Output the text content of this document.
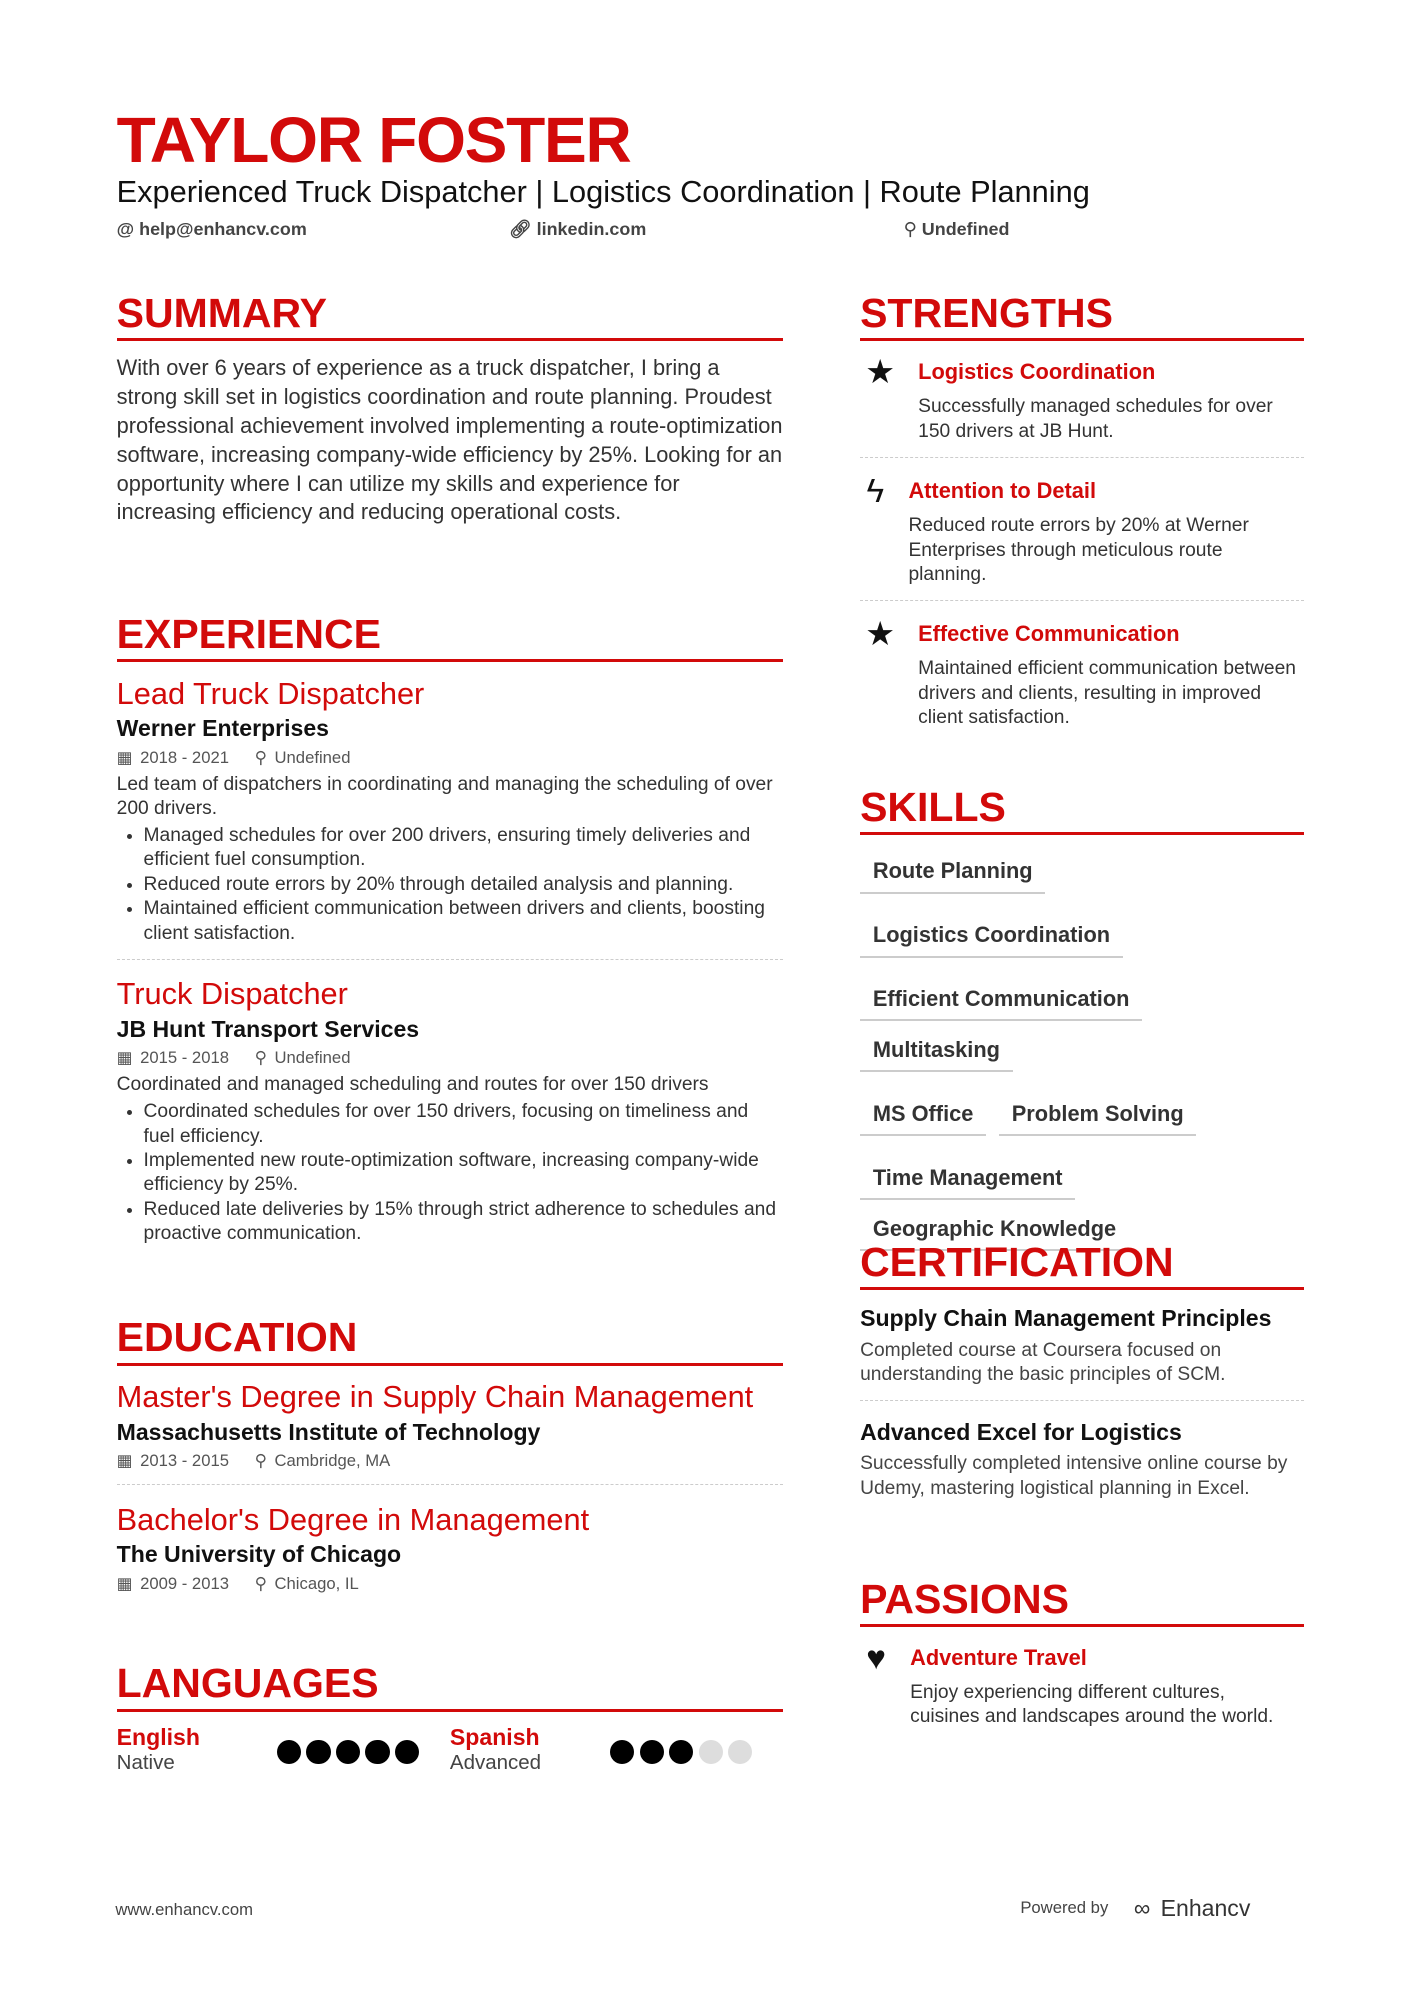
TAYLOR FOSTER
Experienced Truck Dispatcher | Logistics Coordination | Route Planning
@ help@enhancv.com	🔗︎ linkedin.com	⚲ Undefined
SUMMARY
With over 6 years of experience as a truck dispatcher, I bring a strong skill set in logistics coordination and route planning. Proudest professional achievement involved implementing a route-optimization software, increasing company-wide efficiency by 25%. Looking for an opportunity where I can utilize my skills and experience for increasing efficiency and reducing operational costs.
EXPERIENCE
Lead Truck Dispatcher
Werner Enterprises
▦ 2018 - 2021 ⚲ Undefined
Led team of dispatchers in coordinating and managing the scheduling of over 200 drivers.
• Managed schedules for over 200 drivers, ensuring timely deliveries and efficient fuel consumption.
• Reduced route errors by 20% through detailed analysis and planning.
• Maintained efficient communication between drivers and clients, boosting client satisfaction.
Truck Dispatcher
JB Hunt Transport Services
▦ 2015 - 2018 ⚲ Undefined
Coordinated and managed scheduling and routes for over 150 drivers
• Coordinated schedules for over 150 drivers, focusing on timeliness and fuel efficiency.
• Implemented new route-optimization software, increasing company-wide efficiency by 25%.
• Reduced late deliveries by 15% through strict adherence to schedules and proactive communication.
EDUCATION
Master's Degree in Supply Chain Management
Massachusetts Institute of Technology
▦ 2013 - 2015 ⚲ Cambridge, MA
Bachelor's Degree in Management
The University of Chicago
▦ 2009 - 2013 ⚲ Chicago, IL
LANGUAGES
English
Native
Spanish
Advanced
STRENGTHS
★ Logistics Coordination
Successfully managed schedules for over 150 drivers at JB Hunt.
ϟ Attention to Detail
Reduced route errors by 20% at Werner Enterprises through meticulous route planning.
★ Effective Communication
Maintained efficient communication between drivers and clients, resulting in improved client satisfaction.
SKILLS
Route Planning
Logistics Coordination
Efficient Communication
Multitasking
MS Office	Problem Solving
Time Management
Geographic Knowledge
CERTIFICATION
Supply Chain Management Principles
Completed course at Coursera focused on understanding the basic principles of SCM.
Advanced Excel for Logistics
Successfully completed intensive online course by Udemy, mastering logistical planning in Excel.
PASSIONS
♥ Adventure Travel
Enjoy experiencing different cultures, cuisines and landscapes around the world.
www.enhancv.com	Powered by ∞ Enhancv
